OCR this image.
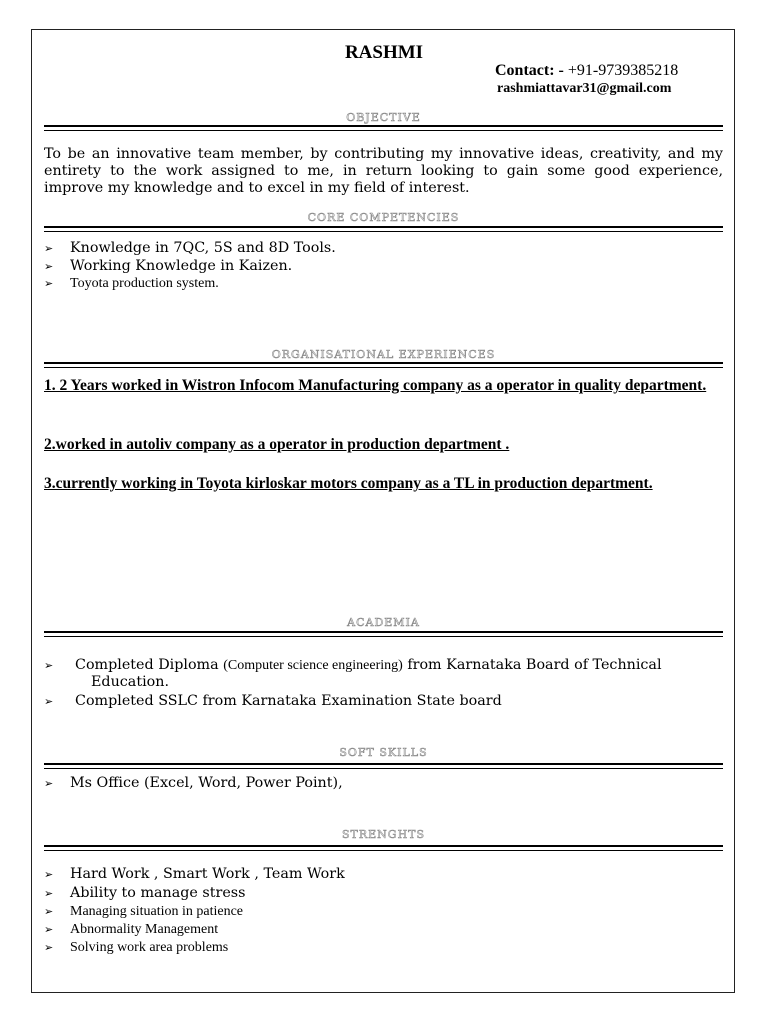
RASHMI
Contact: - +91-9739385218
rashmiattavar31@gmail.com
OBJECTIVE
To be an innovative team member, by contributing my innovative ideas, creativity, and my entirety to the work assigned to me, in return looking to gain some good experience, improve my knowledge and to excel in my field of interest.
CORE COMPETENCIES
➢ Knowledge in 7QC, 5S and 8D Tools.
➢ Working Knowledge in Kaizen.
➢ Toyota production system.
ORGANISATIONAL EXPERIENCES
1. 2 Years worked in Wistron Infocom Manufacturing company as a operator in quality department.
2.worked in autoliv company as a operator in production department .
3.currently working in Toyota kirloskar motors company as a TL in production department.
ACADEMIA
➢ Completed Diploma (Computer science engineering) from Karnataka Board of Technical
Education.
➢ Completed SSLC from Karnataka Examination State board
SOFT SKILLS
➢ Ms Office (Excel, Word, Power Point),
STRENGHTS
➢ Hard Work , Smart Work , Team Work
➢ Ability to manage stress
➢ Managing situation in patience
➢ Abnormality Management
➢ Solving work area problems
